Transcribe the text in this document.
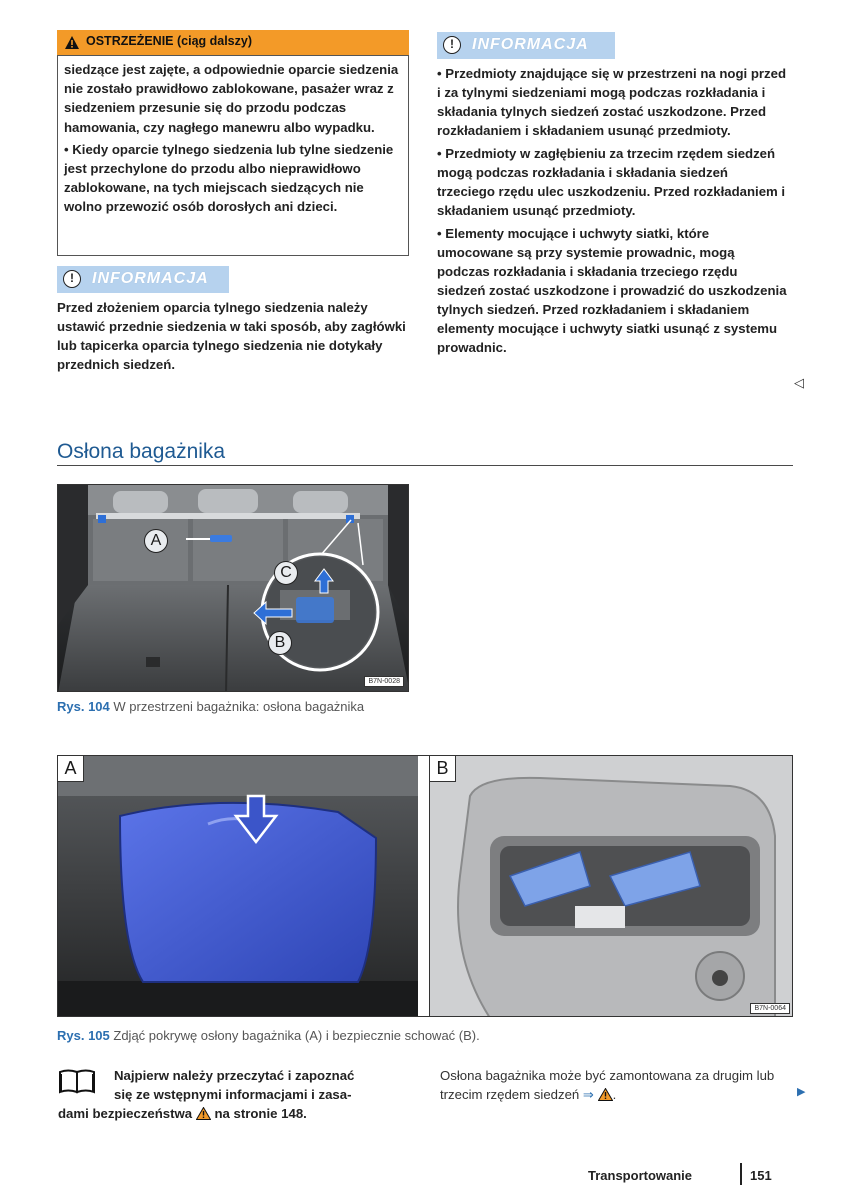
OSTRZEŻENIE (ciąg dalszy)

siedzące jest zajęte, a odpowiednie oparcie siedzenia nie zostało prawidłowo zablokowane, pasażer wraz z siedzeniem przesunie się do przodu podczas hamowania, czy nagłego manewru albo wypadku.

• Kiedy oparcie tylnego siedzenia lub tylne siedzenie jest przechylone do przodu albo nieprawidłowo zablokowane, na tych miejscach siedzących nie wolno przewozić osób dorosłych ani dzieci.

!	INFORMACJA
Przed złożeniem oparcia tylnego siedzenia należy ustawić przednie siedzenia w taki sposób, aby zagłówki lub tapicerka oparcia tylnego siedzenia nie dotykały przednich siedzeń.
!	INFORMACJA

• Przedmioty znajdujące się w przestrzeni na nogi przed i za tylnymi siedzeniami mogą podczas rozkładania i składania tylnych siedzeń zostać uszkodzone. Przed rozkładaniem i składaniem usunąć przedmioty.

• Przedmioty w zagłębieniu za trzecim rzędem siedzeń mogą podczas rozkładania i składania siedzeń trzeciego rzędu ulec uszkodzeniu. Przed rozkładaniem i składaniem usunąć przedmioty.

• Elementy mocujące i uchwyty siatki, które umocowane są przy systemie prowadnic, mogą podczas rozkładania i składania trzeciego rzędu siedzeń zostać uszkodzone i prowadzić do uszkodzenia tylnych siedzeń. Przed rozkładaniem i składaniem elementy mocujące i uchwyty siatki usunąć z systemu prowadnic.

◁
Osłona bagażnika
A
C
B
B7N-0028
Rys. 104 W przestrzeni bagażnika: osłona bagażnika
A	B
B7N-0064
Rys. 105 Zdjąć pokrywę osłony bagażnika (A) i bezpiecznie schować (B).
Najpierw należy przeczytać i zapoznać
się ze wstępnymi informacjami i zasa-
dami bezpieczeństwa na stronie 148.
Osłona bagażnika może być zamontowana za drugim lub trzecim rzędem siedzeń ⇒ .	▶
Transportowanie	151
